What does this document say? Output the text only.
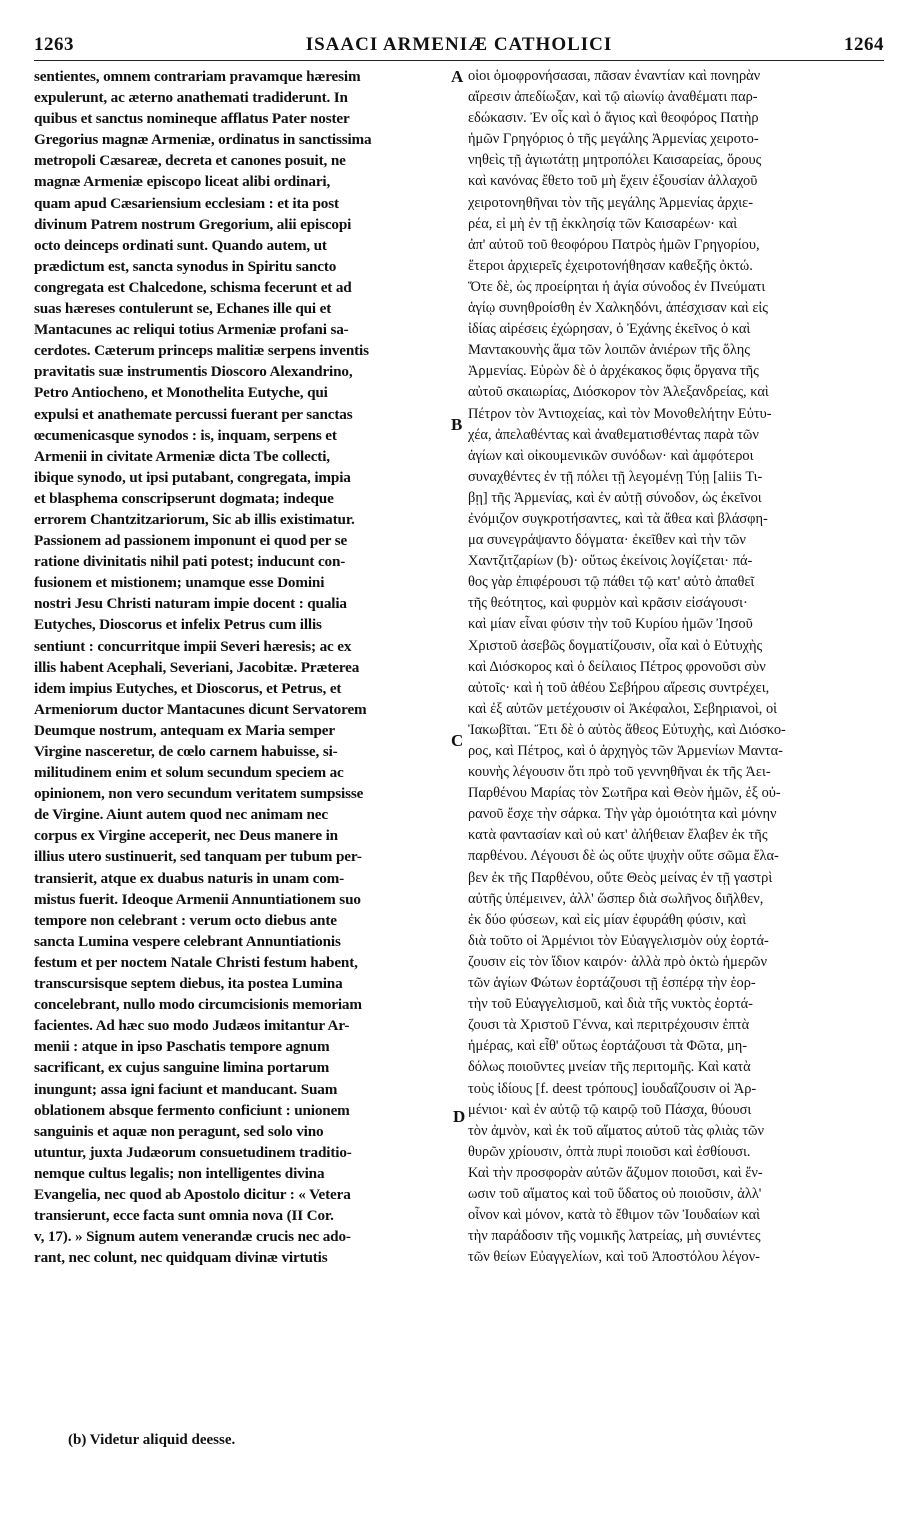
1263	ISAACI ARMENIÆ CATHOLICI	1264
sentientes, omnem contrariam pravamque hæresim
expulerunt, ac æterno anathemati tradiderunt. In
quibus et sanctus nomineque afflatus Pater noster
Gregorius magnæ Armeniæ, ordinatus in sanctissima
metropoli Cæsareæ, decreta et canones posuit, ne
magnæ Armeniæ episcopo liceat alibi ordinari,
quam apud Cæsariensium ecclesiam : et ita post
divinum Patrem nostrum Gregorium, alii episcopi
octo deinceps ordinati sunt. Quando autem, ut
prædictum est, sancta synodus in Spiritu sancto
congregata est Chalcedone, schisma fecerunt et ad
suas hæreses contulerunt se, Echanes ille qui et
Mantacunes ac reliqui totius Armeniæ profani sa-
cerdotes. Cæterum princeps malitiæ serpens inventis
pravitatis suæ instrumentis Dioscoro Alexandrino,
Petro Antiocheno, et Monothelita Eutyche, qui
expulsi et anathemate percussi fuerant per sanctas
œcumenicasque synodos : is, inquam, serpens et
Armenii in civitate Armeniæ dicta Tbe collecti,
ibique synodo, ut ipsi putabant, congregata, impia
et blasphema conscripserunt dogmata; indeque
errorem Chantzitzariorum, Sic ab illis existimatur.
Passionem ad passionem imponunt ei quod per se
ratione divinitatis nihil pati potest; inducunt con-
fusionem et mistionem; unamque esse Domini
nostri Jesu Christi naturam impie docent : qualia
Eutyches, Dioscorus et infelix Petrus cum illis
sentiunt : concurritque impii Severi hæresis; ac ex
illis habent Acephali, Severiani, Jacobitæ. Præterea
idem impius Eutyches, et Dioscorus, et Petrus, et
Armeniorum ductor Mantacunes dicunt Servatorem
Deumque nostrum, antequam ex Maria semper
Virgine nasceretur, de cœlo carnem habuisse, si-
militudinem enim et solum secundum speciem ac
opinionem, non vero secundum veritatem sumpsisse
de Virgine. Aiunt autem quod nec animam nec
corpus ex Virgine acceperit, nec Deus manere in
illius utero sustinuerit, sed tanquam per tubum per-
transierit, atque ex duabus naturis in unam com-
mistus fuerit. Ideoque Armenii Annuntiationem suo
tempore non celebrant : verum octo diebus ante
sancta Lumina vespere celebrant Annuntiationis
festum et per noctem Natale Christi festum habent,
transcursisque septem diebus, ita postea Lumina
concelebrant, nullo modo circumcisionis memoriam
facientes. Ad hæc suo modo Judæos imitantur Ar-
menii : atque in ipso Paschatis tempore agnum
sacrificant, ex cujus sanguine limina portarum
inungunt; assa igni faciunt et manducant. Suam
oblationem absque fermento conficiunt : unionem
sanguinis et aquæ non peragunt, sed solo vino
utuntur, juxta Judæorum consuetudinem traditio-
nemque cultus legalis; non intelligentes divina
Evangelia, nec quod ab Apostolo dicitur : « Vetera
transierunt, ecce facta sunt omnia nova (II Cor.
v, 17). » Signum autem venerandæ crucis nec ado-
rant, nec colunt, nec quidquam divinæ virtutis
οἱοι ὁμοφρονήσασαι, πᾶσαν ἐναντίαν καὶ πονηρὰν
αἵρεσιν ἀπεδίωξαν, καὶ τῷ αἰωνίῳ ἀναθέματι παρ-
εδώκασιν. Ἐν οἷς καὶ ὁ ἅγιος καὶ θεοφόρος Πατὴρ
ἡμῶν Γρηγόριος ὁ τῆς μεγάλης Ἀρμενίας χειροτο-
νηθεὶς τῇ ἁγιωτάτῃ μητροπόλει Καισαρείας, ὅρους
καὶ κανόνας ἔθετο τοῦ μὴ ἔχειν ἐξουσίαν ἀλλαχοῦ
χειροτονηθῆναι τὸν τῆς μεγάλης Ἀρμενίας ἀρχιε-
ρέα, εἰ μὴ ἐν τῇ ἐκκλησίᾳ τῶν Καισαρέων· καὶ
ἀπ' αὐτοῦ τοῦ θεοφόρου Πατρὸς ἡμῶν Γρηγορίου,
ἕτεροι ἀρχιερεῖς ἐχειροτονήθησαν καθεξῆς ὀκτώ.
Ὅτε δὲ, ὡς προείρηται ἡ ἁγία σύνοδος ἐν Πνεύματι
ἁγίῳ συνηθροίσθη ἐν Χαλκηδόνι, ἀπέσχισαν καὶ εἰς
ἰδίας αἱρέσεις ἐχώρησαν, ὁ Ἐχάνης ἐκεῖνος ὁ καὶ
Μαντακουνὴς ἅμα τῶν λοιπῶν ἀνιέρων τῆς ὅλης
Ἀρμενίας. Εὑρὼν δὲ ὁ ἀρχέκακος ὄφις ὄργανα τῆς
αὐτοῦ σκαιωρίας, Διόσκορον τὸν Ἀλεξανδρείας, καὶ
Πέτρον τὸν Ἀντιοχείας, καὶ τὸν Μονοθελήτην Εὐτυ-
χέα, ἀπελαθέντας καὶ ἀναθεματισθέντας παρὰ τῶν
ἁγίων καὶ οἰκουμενικῶν συνόδων· καὶ ἀμφότεροι
συναχθέντες ἐν τῇ πόλει τῇ λεγομένῃ Τύῃ [aliis Τι-
βῃ] τῆς Ἀρμενίας, καὶ ἐν αὐτῇ σύνοδον, ὡς ἐκεῖνοι
ἐνόμιζον συγκροτήσαντες, καὶ τὰ ἄθεα καὶ βλάσφη-
μα συνεγράψαντο δόγματα· ἐκεῖθεν καὶ τὴν τῶν
Χαντζιτζαρίων (b)· οὕτως ἐκείνοις λογίζεται· πά-
θος γὰρ ἐπιφέρουσι τῷ πάθει τῷ κατ' αὐτὸ ἀπαθεῖ
τῆς θεότητος, καὶ φυρμὸν καὶ κρᾶσιν εἰσάγουσι·
καὶ μίαν εἶναι φύσιν τὴν τοῦ Κυρίου ἡμῶν Ἰησοῦ
Χριστοῦ ἀσεβῶς δογματίζουσιν, οἷα καὶ ὁ Εὐτυχὴς
καὶ Διόσκορος καὶ ὁ δείλαιος Πέτρος φρονοῦσι σὺν
αὐτοῖς· καὶ ἡ τοῦ ἀθέου Σεβήρου αἵρεσις συντρέχει,
καὶ ἐξ αὐτῶν μετέχουσιν οἱ Ἀκέφαλοι, Σεβηριανοὶ, οἱ
Ἰακωβῖται. Ἔτι δὲ ὁ αὐτὸς ἄθεος Εὐτυχὴς, καὶ Διόσκο-
ρος, καὶ Πέτρος, καὶ ὁ ἀρχηγὸς τῶν Ἀρμενίων Μαντα-
κουνὴς λέγουσιν ὅτι πρὸ τοῦ γεννηθῆναι ἐκ τῆς Ἀει-
Παρθένου Μαρίας τὸν Σωτῆρα καὶ Θεὸν ἡμῶν, ἐξ οὐ-
ρανοῦ ἔσχε τὴν σάρκα. Τὴν γὰρ ὁμοιότητα καὶ μόνην
κατὰ φαντασίαν καὶ οὐ κατ' ἀλήθειαν ἔλαβεν ἐκ τῆς
παρθένου. Λέγουσι δὲ ὡς οὔτε ψυχὴν οὔτε σῶμα ἔλα-
βεν ἐκ τῆς Παρθένου, οὔτε Θεὸς μείνας ἐν τῇ γαστρὶ
αὐτῆς ὑπέμεινεν, ἀλλ' ὥσπερ διὰ σωλῆνος διῆλθεν,
ἐκ δύο φύσεων, καὶ εἰς μίαν ἐφυράθη φύσιν, καὶ
διὰ τοῦτο οἱ Ἀρμένιοι τὸν Εὐαγγελισμὸν οὐχ ἑορτά-
ζουσιν εἰς τὸν ἴδιον καιρόν· ἀλλὰ πρὸ ὀκτὼ ἡμερῶν
τῶν ἁγίων Φώτων ἑορτάζουσι τῇ ἑσπέρᾳ τὴν ἑορ-
τὴν τοῦ Εὐαγγελισμοῦ, καὶ διὰ τῆς νυκτὸς ἑορτά-
ζουσι τὰ Χριστοῦ Γέννα, καὶ περιτρέχουσιν ἑπτὰ
ἡμέρας, καὶ εἶθ' οὕτως ἑορτάζουσι τὰ Φῶτα, μη-
δόλως ποιοῦντες μνείαν τῆς περιτομῆς. Καὶ κατὰ
τοὺς ἰδίους [f. deest τρόπους] ἰουδαΐζουσιν οἱ Ἀρ-
μένιοι· καὶ ἐν αὐτῷ τῷ καιρῷ τοῦ Πάσχα, θύουσι
τὸν ἀμνὸν, καὶ ἐκ τοῦ αἵματος αὐτοῦ τὰς φλιὰς τῶν
θυρῶν χρίουσιν, ὀπτὰ πυρὶ ποιοῦσι καὶ ἐσθίουσι.
Καὶ τὴν προσφορὰν αὐτῶν ἄζυμον ποιοῦσι, καὶ ἕν-
ωσιν τοῦ αἵματος καὶ τοῦ ὕδατος οὐ ποιοῦσιν, ἀλλ'
οἶνον καὶ μόνον, κατὰ τὸ ἔθιμον τῶν Ἰουδαίων καὶ
τὴν παράδοσιν τῆς νομικῆς λατρείας, μὴ συνιέντες
τῶν θείων Εὐαγγελίων, καὶ τοῦ Ἀποστόλου λέγον-
A
B
C
D
(b) Videtur aliquid deesse.
